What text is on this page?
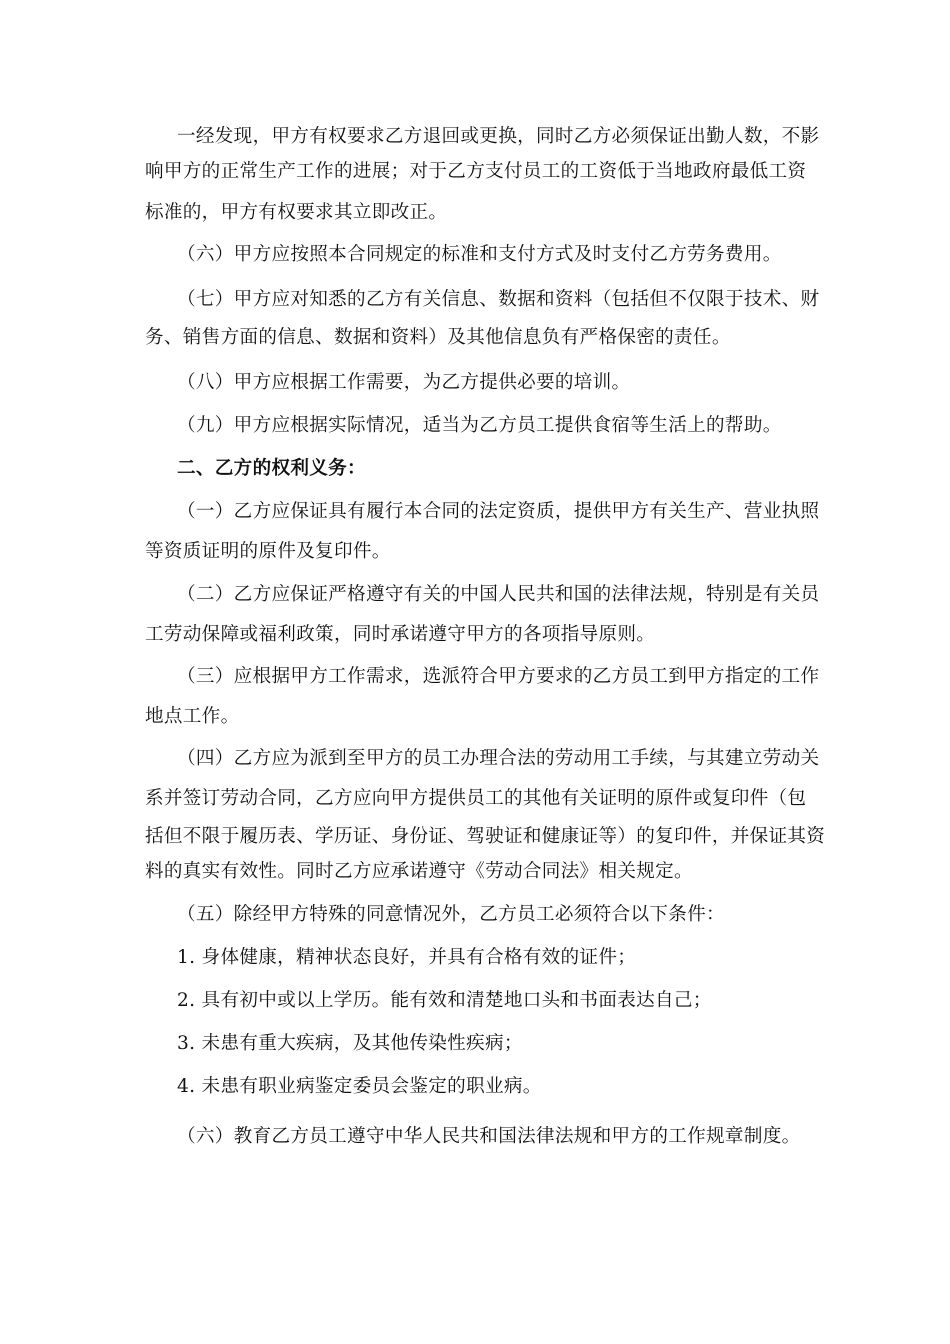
一经发现，甲方有权要求乙方退回或更换，同时乙方必须保证出勤人数，不影
响甲方的正常生产工作的进展；对于乙方支付员工的工资低于当地政府最低工资
标准的，甲方有权要求其立即改正。
（六）甲方应按照本合同规定的标准和支付方式及时支付乙方劳务费用。
（七）甲方应对知悉的乙方有关信息、数据和资料（包括但不仅限于技术、财
务、销售方面的信息、数据和资料）及其他信息负有严格保密的责任。
（八）甲方应根据工作需要，为乙方提供必要的培训。
（九）甲方应根据实际情况，适当为乙方员工提供食宿等生活上的帮助。
二、乙方的权利义务：
（一）乙方应保证具有履行本合同的法定资质，提供甲方有关生产、营业执照
等资质证明的原件及复印件。
（二）乙方应保证严格遵守有关的中国人民共和国的法律法规，特别是有关员
工劳动保障或福利政策，同时承诺遵守甲方的各项指导原则。
（三）应根据甲方工作需求，选派符合甲方要求的乙方员工到甲方指定的工作
地点工作。
（四）乙方应为派到至甲方的员工办理合法的劳动用工手续，与其建立劳动关
系并签订劳动合同，乙方应向甲方提供员工的其他有关证明的原件或复印件（包
括但不限于履历表、学历证、身份证、驾驶证和健康证等）的复印件，并保证其资
料的真实有效性。同时乙方应承诺遵守《劳动合同法》相关规定。
（五）除经甲方特殊的同意情况外，乙方员工必须符合以下条件：
1. 身体健康，精神状态良好，并具有合格有效的证件；
2. 具有初中或以上学历。能有效和清楚地口头和书面表达自己；
3. 未患有重大疾病，及其他传染性疾病；
4. 未患有职业病鉴定委员会鉴定的职业病。
（六）教育乙方员工遵守中华人民共和国法律法规和甲方的工作规章制度。
